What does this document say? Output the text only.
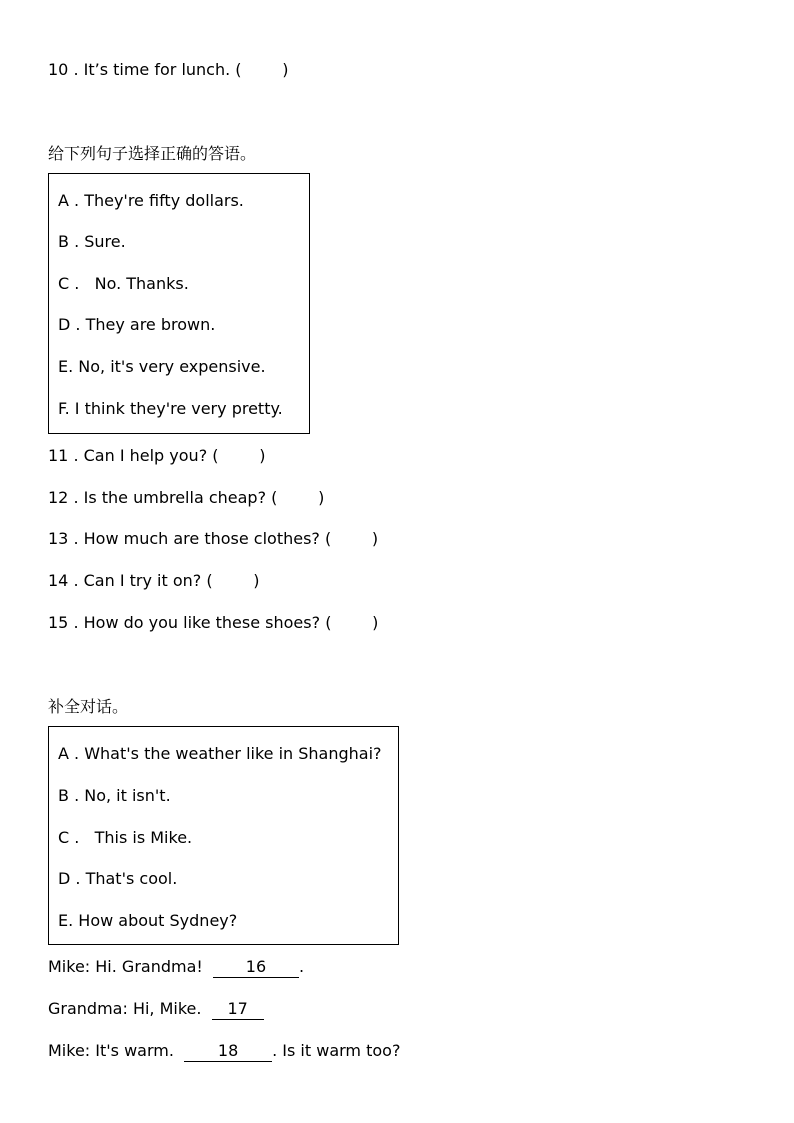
10 . It’s time for lunch. (        )
给下列句子选择正确的答语。
A . They're fifty dollars.
B . Sure.
C .   No. Thanks.
D . They are brown.
E. No, it's very expensive.
F. I think they're very pretty.
11 . Can I help you? (        )
12 . Is the umbrella cheap? (        )
13 . How much are those clothes? (        )
14 . Can I try it on? (        )
15 . How do you like these shoes? (        )
补全对话。
A . What's the weather like in Shanghai?
B . No, it isn't.
C .   This is Mike.
D . That's cool.
E. How about Sydney?
Mike: Hi. Grandma!  16 .
Grandma: Hi, Mike.  17
Mike: It's warm.  18 . Is it warm too?
